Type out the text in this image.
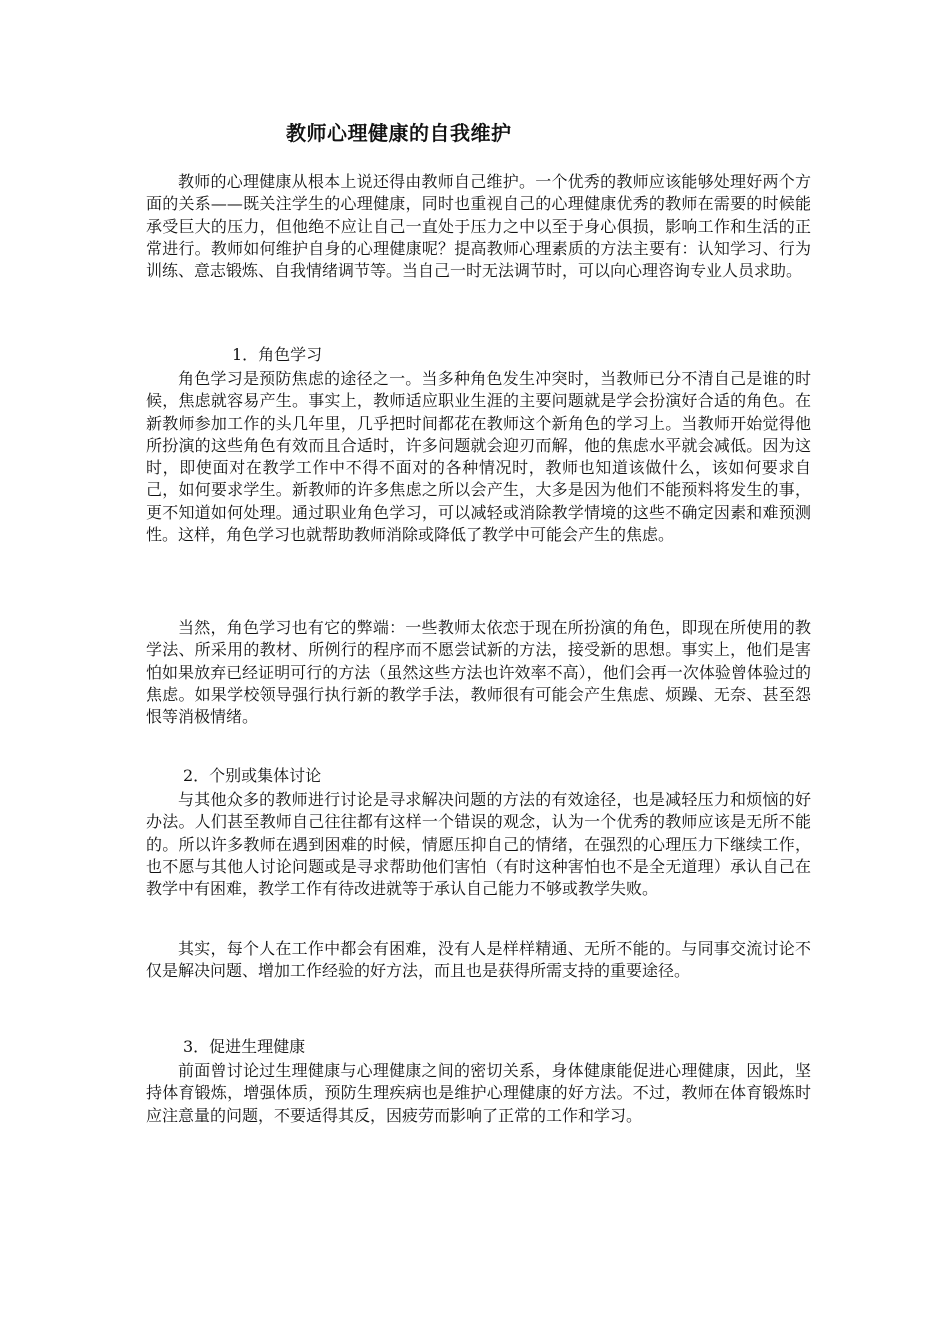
教师心理健康的自我维护

教师的心理健康从根本上说还得由教师自己维护。一个优秀的教师应该能够处理好两个方面的关系——既关注学生的心理健康，同时也重视自己的心理健康优秀的教师在需要的时候能承受巨大的压力，但他绝不应让自己一直处于压力之中以至于身心俱损，影响工作和生活的正常进行。教师如何维护自身的心理健康呢？提高教师心理素质的方法主要有：认知学习、行为训练、意志锻炼、自我情绪调节等。当自己一时无法调节时，可以向心理咨询专业人员求助。

1．角色学习

角色学习是预防焦虑的途径之一。当多种角色发生冲突时，当教师已分不清自己是谁的时候，焦虑就容易产生。事实上，教师适应职业生涯的主要问题就是学会扮演好合适的角色。在新教师参加工作的头几年里，几乎把时间都花在教师这个新角色的学习上。当教师开始觉得他所扮演的这些角色有效而且合适时，许多问题就会迎刃而解，他的焦虑水平就会减低。因为这时，即使面对在教学工作中不得不面对的各种情况时，教师也知道该做什么，该如何要求自己，如何要求学生。新教师的许多焦虑之所以会产生，大多是因为他们不能预料将发生的事，更不知道如何处理。通过职业角色学习，可以减轻或消除教学情境的这些不确定因素和难预测性。这样，角色学习也就帮助教师消除或降低了教学中可能会产生的焦虑。

当然，角色学习也有它的弊端：一些教师太依恋于现在所扮演的角色，即现在所使用的教学法、所采用的教材、所例行的程序而不愿尝试新的方法，接受新的思想。事实上，他们是害怕如果放弃已经证明可行的方法（虽然这些方法也许效率不高），他们会再一次体验曾体验过的焦虑。如果学校领导强行执行新的教学手法，教师很有可能会产生焦虑、烦躁、无奈、甚至怨恨等消极情绪。

2．个别或集体讨论

与其他众多的教师进行讨论是寻求解决问题的方法的有效途径，也是减轻压力和烦恼的好办法。人们甚至教师自己往往都有这样一个错误的观念，认为一个优秀的教师应该是无所不能的。所以许多教师在遇到困难的时候，情愿压抑自己的情绪，在强烈的心理压力下继续工作，也不愿与其他人讨论问题或是寻求帮助他们害怕（有时这种害怕也不是全无道理）承认自己在教学中有困难，教学工作有待改进就等于承认自己能力不够或教学失败。

其实，每个人在工作中都会有困难，没有人是样样精通、无所不能的。与同事交流讨论不仅是解决问题、增加工作经验的好方法，而且也是获得所需支持的重要途径。

3．促进生理健康

前面曾讨论过生理健康与心理健康之间的密切关系，身体健康能促进心理健康，因此，坚持体育锻炼，增强体质，预防生理疾病也是维护心理健康的好方法。不过，教师在体育锻炼时应注意量的问题，不要适得其反，因疲劳而影响了正常的工作和学习。
